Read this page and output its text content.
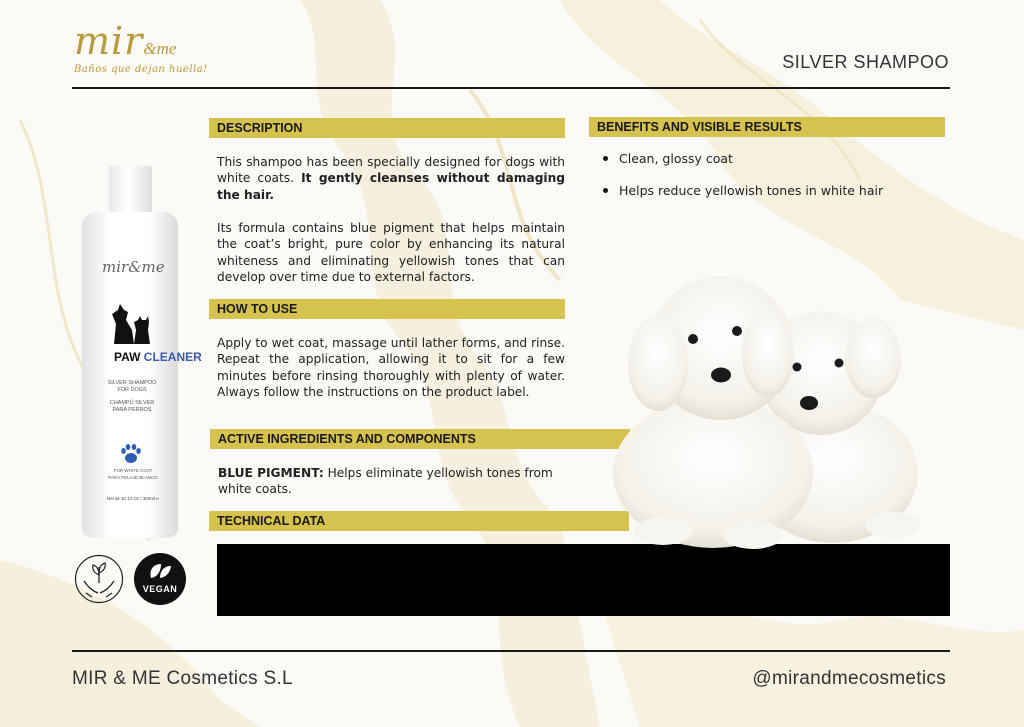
mir&me
Baños que dejan huella!	SILVER SHAMPOO
DESCRIPTION
This shampoo has been specially designed for dogs with white coats. It gently cleanses without damaging the hair.
Its formula contains blue pigment that helps maintain the coat’s bright, pure color by enhancing its natural whiteness and eliminating yellowish tones that can develop over time due to external factors.
HOW TO USE
Apply to wet coat, massage until lather forms, and rinse. Repeat the application, allowing it to sit for a few minutes before rinsing thoroughly with plenty of water. Always follow the instructions on the product label.
ACTIVE INGREDIENTS AND COMPONENTS
BLUE PIGMENT: Helps eliminate yellowish tones from white coats.
TECHNICAL DATA
BENEFITS AND VISIBLE RESULTS
Clean, glossy coat
Helps reduce yellowish tones in white hair
mir&me
PAW CLEANER
SILVER SHAMPOO FOR DOGS
CHAMPÚ SILVER PARA PERROS
FOR WHITE COAT
PARA PELAJE BLANCO
Net wt 10.14 Oz / 300ml ℮
VEGAN
MIR & ME Cosmetics S.L	@mirandmecosmetics
